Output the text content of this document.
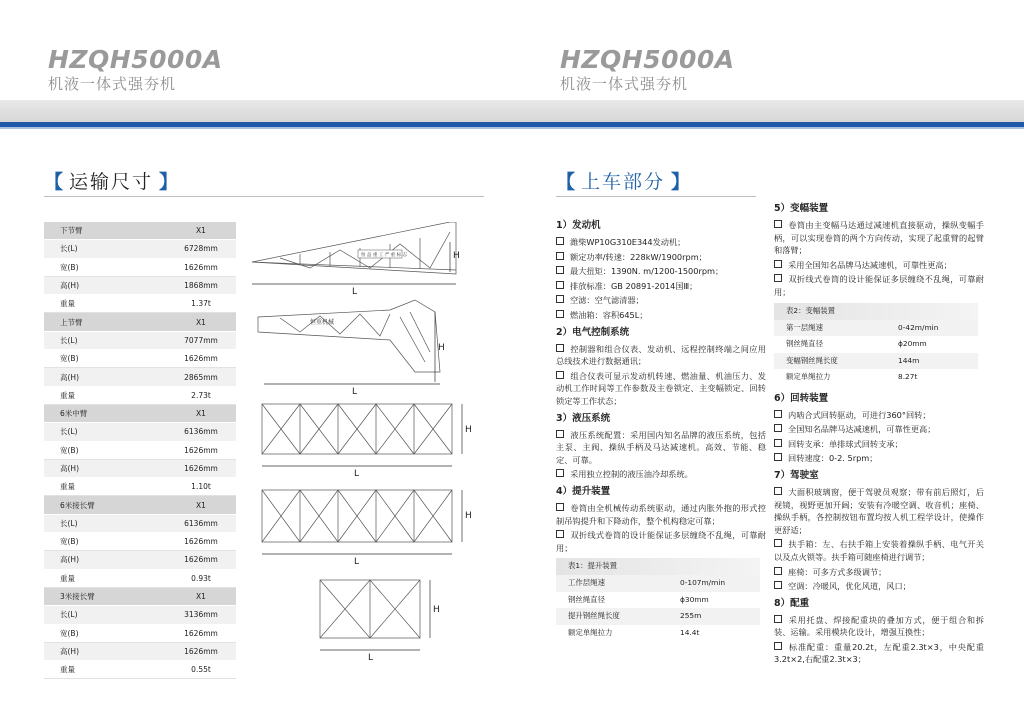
HZQH5000A
机液一体式强夯机
【 运输尺寸 】
下节臂	X1
长(L)	6728mm
宽(B)	1626mm
高(H)	1868mm
重量	1.37t
上节臂	X1
长(L)	7077mm
宽(B)	1626mm
高(H)	2865mm
重量	2.73t
6米中臂	X1
长(L)	6136mm
宽(B)	1626mm
高(H)	1626mm
重量	1.10t
6米接长臂	X1
长(L)	6136mm
宽(B)	1626mm
高(H)	1626mm
重量	0.93t
3米接长臂	X1
长(L)	3136mm
宽(B)	1626mm
高(H)	1626mm
重量	0.55t
L
H
L
H
L
H
L
H
L
H
恒 益 重 工 严 重 标 志
恒重机械
HZQH5000A
机液一体式强夯机
【 上车部分 】
1）发动机
潍柴WP10G310E344发动机；
额定功率/转速：228kW/1900rpm；
最大扭矩：1390N. m/1200-1500rpm；
排放标准：GB 20891-2014国Ⅲ；
空滤：空气滤清器；
燃油箱：容积645L；
2）电气控制系统
控制器和组合仪表、发动机、远程控制终端之间应用总线技术进行数据通讯；
组合仪表可显示发动机转速、燃油量、机油压力、发动机工作时间等工作参数及主卷锁定、主变幅锁定、回转锁定等工作状态；
3）液压系统
液压系统配置：采用国内知名品牌的液压系统，包括主泵、主阀、操纵手柄及马达减速机。高效、节能、稳定、可靠。
采用独立控制的液压油冷却系统。
4）提升装置
卷筒由全机械传动系统驱动，通过内胀外抱的形式控制吊钩提升和下降动作，整个机构稳定可靠；
双折线式卷筒的设计能保证多层缠绕不乱绳，可靠耐用；
表1：提升装置	
工作层绳速	0-107m/min
钢丝绳直径	ϕ30mm
提升钢丝绳长度	255m
额定单绳拉力	14.4t
5）变幅装置
卷筒由主变幅马达通过减速机直接驱动，操纵变幅手柄，可以实现卷筒的两个方向传动，实现了起重臂的起臂和落臂；
采用全国知名品牌马达减速机，可靠性更高；
双折线式卷筒的设计能保证多层缠绕不乱绳，可靠耐用；
表2：变幅装置	
第一层绳速	0-42m/min
钢丝绳直径	ϕ20mm
变幅钢丝绳长度	144m
额定单绳拉力	8.27t
6）回转装置
内啮合式回转驱动，可进行360°回转；
全国知名品牌马达减速机，可靠性更高；
回转支承：单排球式回转支承；
回转速度：0-2. 5rpm；
7）驾驶室
大面积玻璃窗，便于驾驶员观察；带有前后照灯，后视镜，视野更加开阔；安装有冷暖空调、收音机；座椅、操纵手柄，各控制按钮布置均按人机工程学设计，使操作更舒适；
扶手箱：左、右扶手箱上安装着操纵手柄、电气开关以及点火锁等。扶手箱可随座椅进行调节；
座椅：可多方式多级调节；
空调：冷暖风，优化风道，风口；
8）配重
采用托盘、焊接配重块的叠加方式，便于组合和拆装、运输。采用模块化设计，增强互换性；
标准配重：重量20.2t，左配重2.3t×3，中央配重3.2t×2,右配重2.3t×3；
